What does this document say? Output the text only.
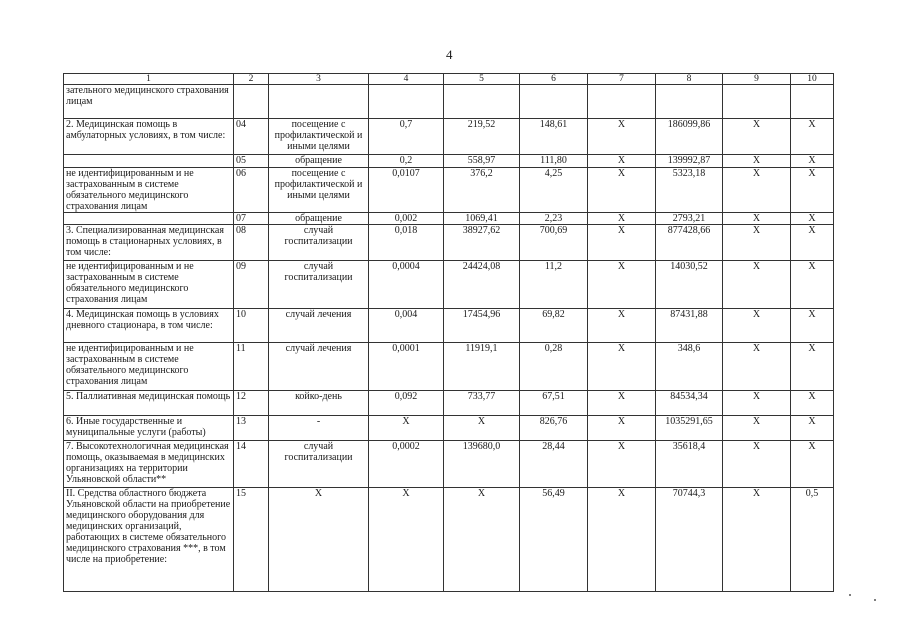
4
1	2	3	4	5	6	7	8	9	10
зательного медицинского страхования лицам									
2. Медицинская помощь в амбулаторных условиях, в том числе:	04	посещение с профилактической и иными целями	0,7	219,52	148,61	X	186099,86	X	X
	05	обращение	0,2	558,97	111,80	X	139992,87	X	X
не идентифицированным и не застрахованным в системе обязательного медицинского страхования лицам	06	посещение с профилактической и иными целями	0,0107	376,2	4,25	X	5323,18	X	X
	07	обращение	0,002	1069,41	2,23	X	2793,21	X	X
3. Специализированная медицинская помощь в стационарных условиях, в том числе:	08	случай госпитализации	0,018	38927,62	700,69	X	877428,66	X	X
не идентифицированным и не застрахованным в системе обязательного медицинского страхования лицам	09	случай госпитализации	0,0004	24424,08	11,2	X	14030,52	X	X
4. Медицинская помощь в условиях дневного стационара, в том числе:	10	случай лечения	0,004	17454,96	69,82	X	87431,88	X	X
не идентифицированным и не застрахованным в системе обязательного медицинского страхования лицам	11	случай лечения	0,0001	11919,1	0,28	X	348,6	X	X
5. Паллиативная медицинская помощь	12	койко-день	0,092	733,77	67,51	X	84534,34	X	X
6. Иные государственные и муниципальные услуги (работы)	13	-	X	X	826,76	X	1035291,65	X	X
7. Высокотехнологичная медицинская помощь, оказываемая в медицинских организациях на территории Ульяновской области**	14	случай госпитализации	0,0002	139680,0	28,44	X	35618,4	X	X
II. Средства областного бюджета Ульяновской области на приобретение медицинского оборудования для медицинских организаций, работающих в системе обязательного медицинского страхования ***, в том числе на приобретение:	15	X	X	X	56,49	X	70744,3	X	0,5
